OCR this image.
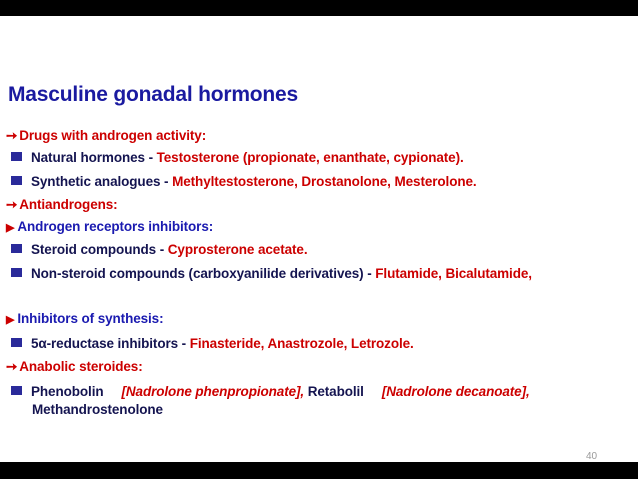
Masculine gonadal hormones
➙ Drugs with androgen activity:
Natural hormones - Testosterone (propionate, enanthate, cypionate).
Synthetic analogues - Methyltestosterone, Drostanolone, Mesterolone.
➙ Antiandrogens:
▶ Androgen receptors inhibitors:
Steroid compounds - Cyprosterone acetate.
Non-steroid compounds (carboxyanilide derivatives) - Flutamide, Bicalutamide,
▶ Inhibitors of synthesis:
5α-reductase inhibitors - Finasteride, Anastrozole, Letrozole.
➙ Anabolic steroides:
Phenobolin [Nadrolone phenpropionate], Retabolil [Nadrolone decanoate],
Methandrostenolone
40
